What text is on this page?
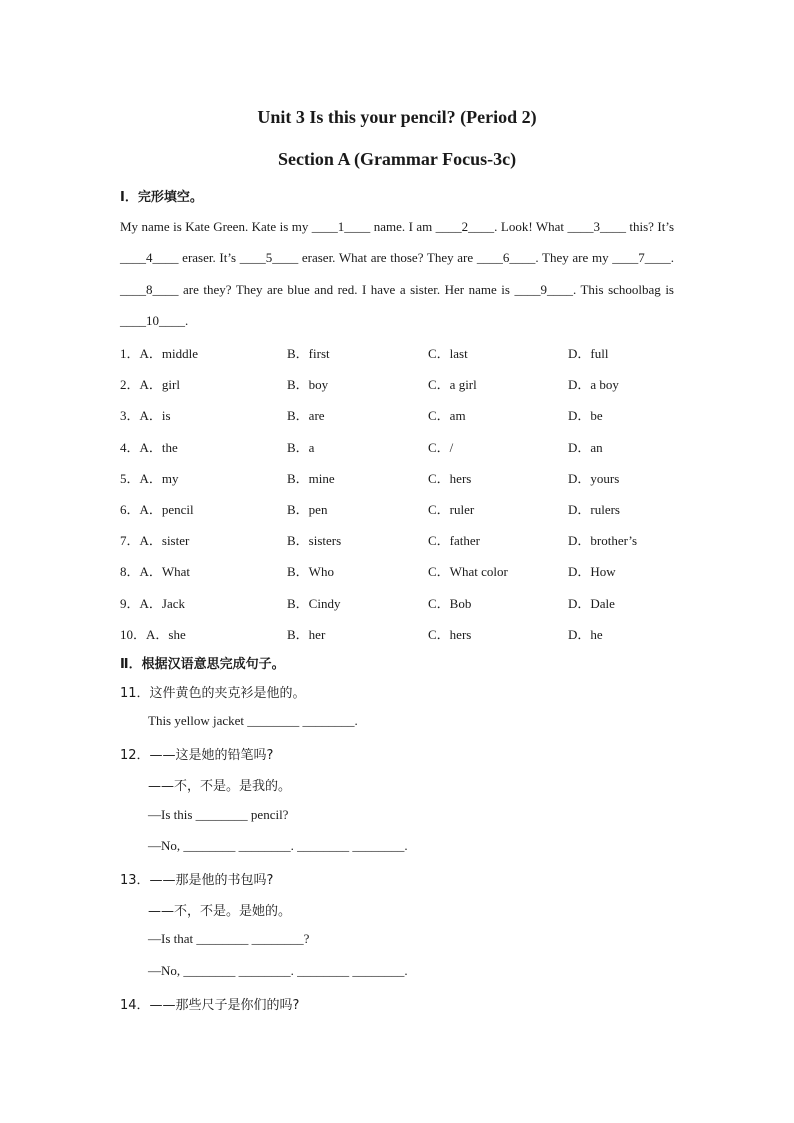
Unit 3 Is this your pencil? (Period 2)
Section A (Grammar Focus-3c)
Ⅰ．完形填空。
My name is Kate Green. Kate is my ____1____ name. I am ____2____. Look! What ____3____ this? It’s ____4____ eraser. It’s ____5____ eraser. What are those? They are ____6____. They are my ____7____. ____8____ are they? They are blue and red. I have a sister. Her name is ____9____. This schoolbag is ____10____.
1．A．middle	B．first	C．last	D．full
2．A．girl	B．boy	C．a girl	D．a boy
3．A．is	B．are	C．am	D．be
4．A．the	B．a	C．/	D．an
5．A．my	B．mine	C．hers	D．yours
6．A．pencil	B．pen	C．ruler	D．rulers
7．A．sister	B．sisters	C．father	D．brother’s
8．A．What	B．Who	C．What color	D．How
9．A．Jack	B．Cindy	C．Bob	D．Dale
10．A．she	B．her	C．hers	D．he
Ⅱ．根据汉语意思完成句子。
11．这件黄色的夹克衫是他的。
This yellow jacket ________ ________.
12．——这是她的铅笔吗?
——不，不是。是我的。
—Is this ________ pencil?
—No, ________ ________. ________ ________.
13．——那是他的书包吗?
——不，不是。是她的。
—Is that ________ ________?
—No, ________ ________. ________ ________.
14．——那些尺子是你们的吗?
